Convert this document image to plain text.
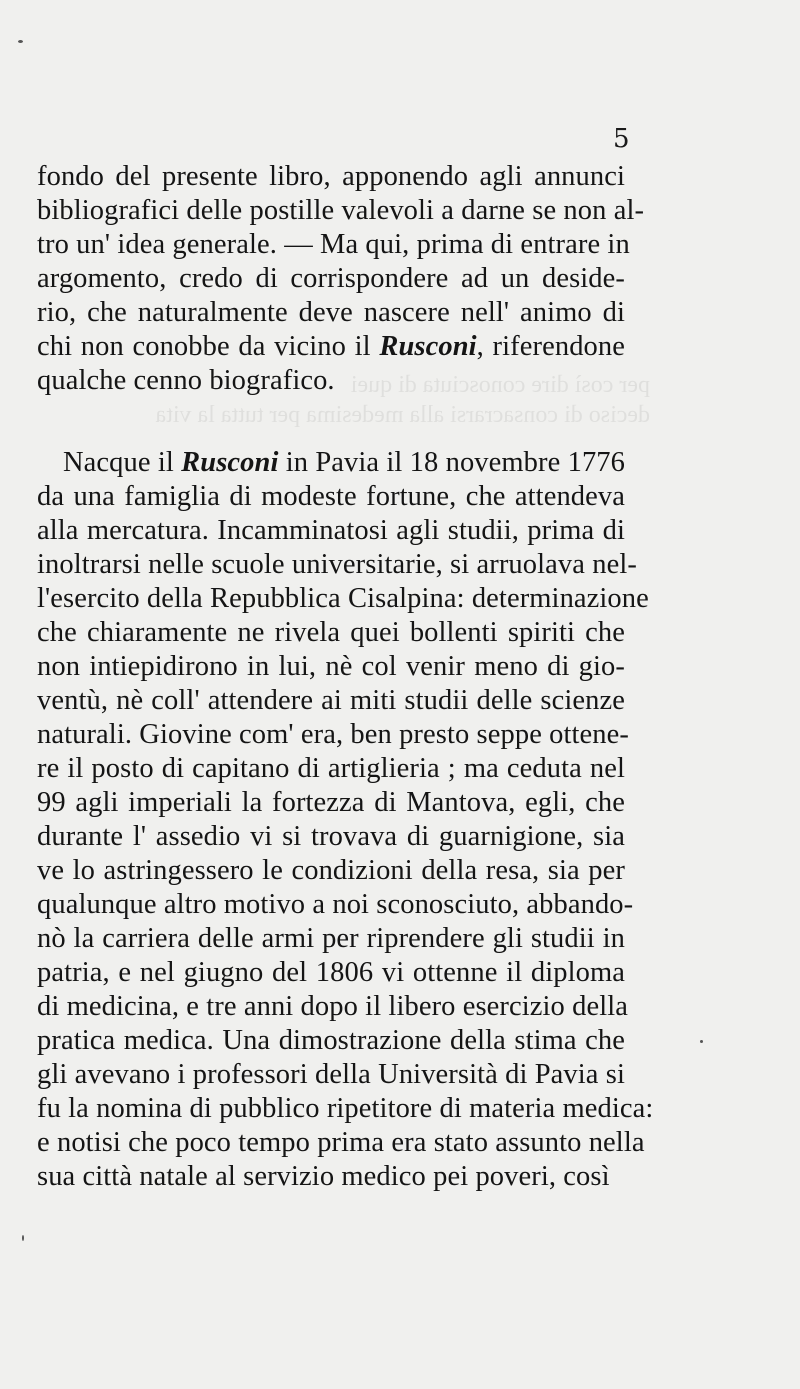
per così dire conosciuta di quei
deciso di consacrarsi alla medesima per tutta la vita
5
fondo del presente libro, apponendo agli annunci
bibliografici delle postille valevoli a darne se non al-
tro un' idea generale. — Ma qui, prima di entrare in
argomento, credo di corrispondere ad un deside-
rio, che naturalmente deve nascere nell' animo di
chi non conobbe da vicino il Rusconi, riferendone
qualche cenno biografico.
Nacque il Rusconi in Pavia il 18 novembre 1776
da una famiglia di modeste fortune, che attendeva
alla mercatura. Incamminatosi agli studii, prima di
inoltrarsi nelle scuole universitarie, si arruolava nel-
l'esercito della Repubblica Cisalpina: determinazione
che chiaramente ne rivela quei bollenti spiriti che
non intiepidirono in lui, nè col venir meno di gio-
ventù, nè coll' attendere ai miti studii delle scienze
naturali. Giovine com' era, ben presto seppe ottene-
re il posto di capitano di artiglieria ; ma ceduta nel
99 agli imperiali la fortezza di Mantova, egli, che
durante l' assedio vi si trovava di guarnigione, sia
ve lo astringessero le condizioni della resa, sia per
qualunque altro motivo a noi sconosciuto, abbando-
nò la carriera delle armi per riprendere gli studii in
patria, e nel giugno del 1806 vi ottenne il diploma
di medicina, e tre anni dopo il libero esercizio della
pratica medica. Una dimostrazione della stima che
gli avevano i professori della Università di Pavia si
fu la nomina di pubblico ripetitore di materia medica:
e notisi che poco tempo prima era stato assunto nella
sua città natale al servizio medico pei poveri, così
